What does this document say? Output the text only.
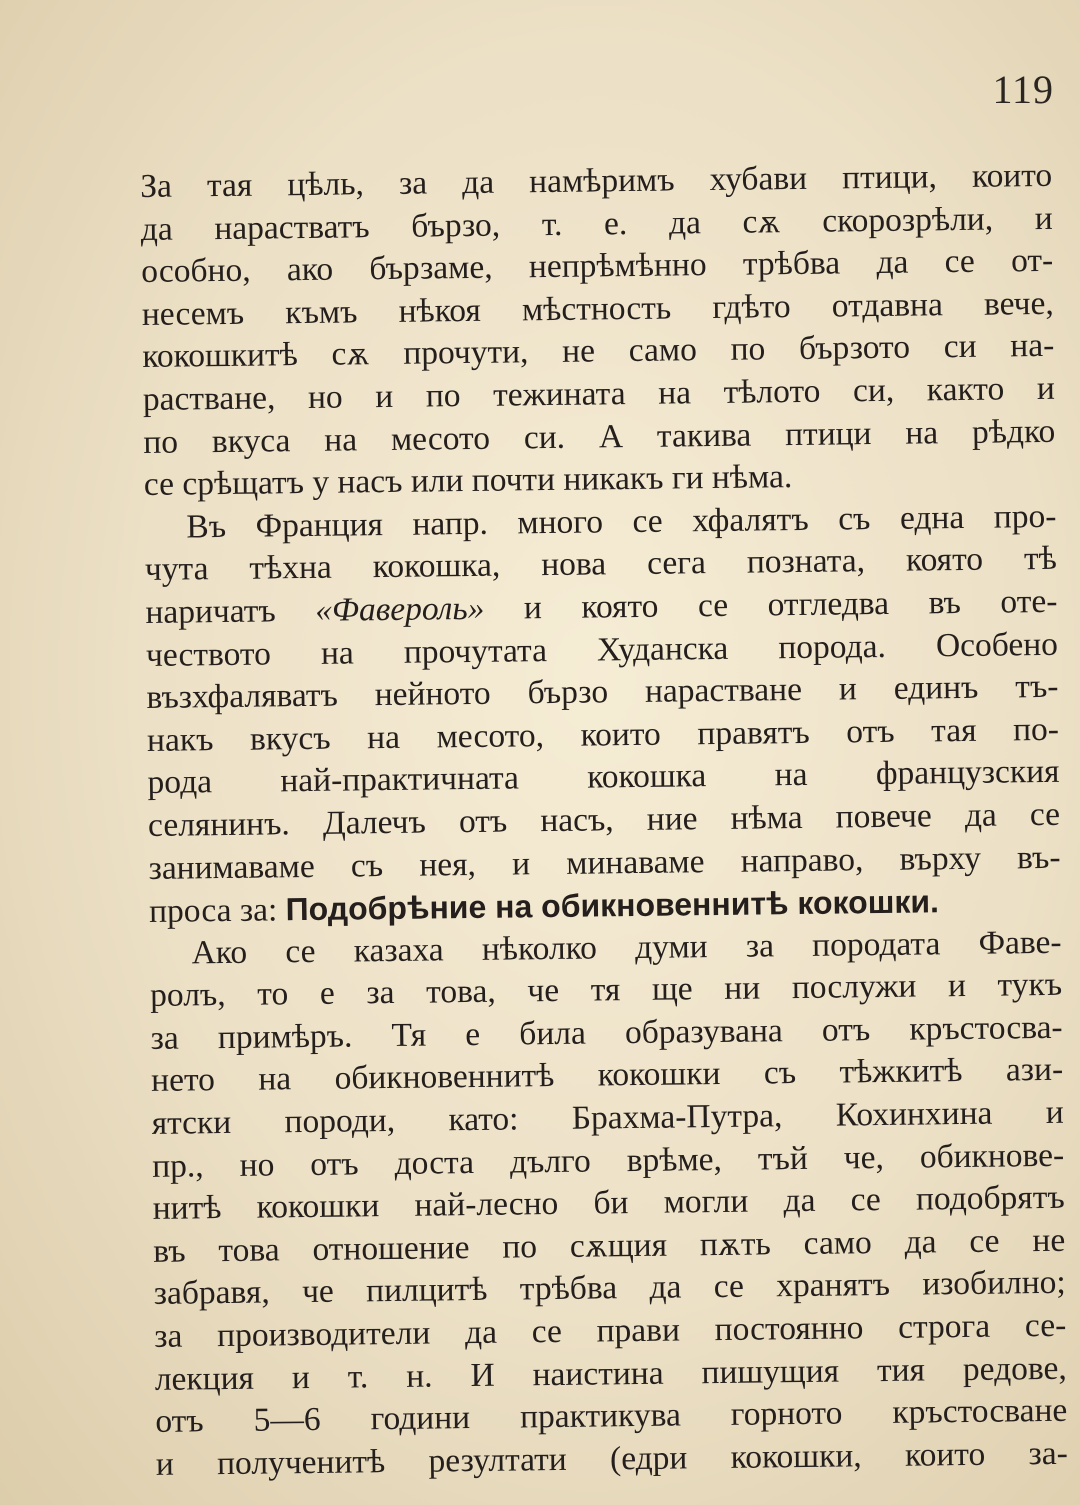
119
За тая цѣль, за да намѣримъ хубави птици, които
да нарастватъ бързо, т. е. да сѫ скорозрѣли, и
особно, ако бързаме, непрѣмѣнно трѣбва да се от-
несемъ къмъ нѣкоя мѣстность гдѣто отдавна вече,
кокошкитѣ сѫ прочути, не само по бързото си на-
растване, но и по тежината на тѣлото си, както и
по вкуса на месото си. А такива птици на рѣдко
се срѣщатъ у насъ или почти никакъ ги нѣма.
Въ Франция напр. много се хфалятъ съ една про-
чута тѣхна кокошка, нова сега позната, която тѣ
наричатъ «Фавероль» и която се отгледва въ оте-
чеството на прочутата Худанска порода. Особено
възхфаляватъ нейното бързо нарастване и единъ тъ-
накъ вкусъ на месото, които правятъ отъ тая по-
рода най-практичната кокошка на французския
селянинъ. Далечъ отъ насъ, ние нѣма повече да се
занимаваме съ нея, и минаваме направо, върху въ-
проса за: Подобрѣние на обикновеннитѣ кокошки.
Ако се казаха нѣколко думи за породата Фаве-
ролъ, то е за това, че тя ще ни послужи и тукъ
за примѣръ. Тя е била образувана отъ кръстосва-
нето на обикновеннитѣ кокошки съ тѣжкитѣ ази-
ятски породи, като: Брахма-Путра, Кохинхина и
пр., но отъ доста дълго врѣме, тъй че, обикнове-
нитѣ кокошки най-лесно би могли да се подобрятъ
въ това отношение по сѫщия пѫть само да се не
забравя, че пилцитѣ трѣбва да се хранятъ изобилно;
за производители да се прави постоянно строга се-
лекция и т. н. И наистина пишущия тия редове,
отъ 5—6 години практикува горното кръстосване
и полученитѣ резултати (едри кокошки, които за-
